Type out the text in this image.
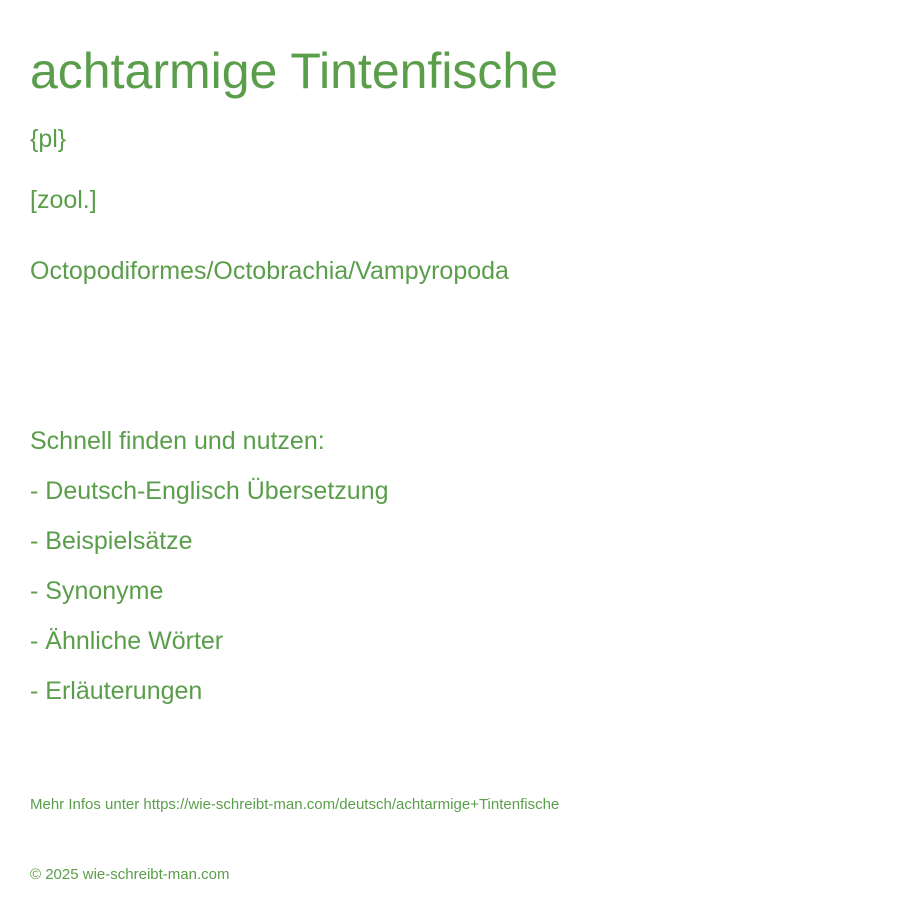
achtarmige Tintenfische
{pl}
[zool.]
Octopodiformes/Octobrachia/Vampyropoda
Schnell finden und nutzen:
- Deutsch-Englisch Übersetzung
- Beispielsätze
- Synonyme
- Ähnliche Wörter
- Erläuterungen
Mehr Infos unter https://wie-schreibt-man.com/deutsch/achtarmige+Tintenfische
© 2025 wie-schreibt-man.com
